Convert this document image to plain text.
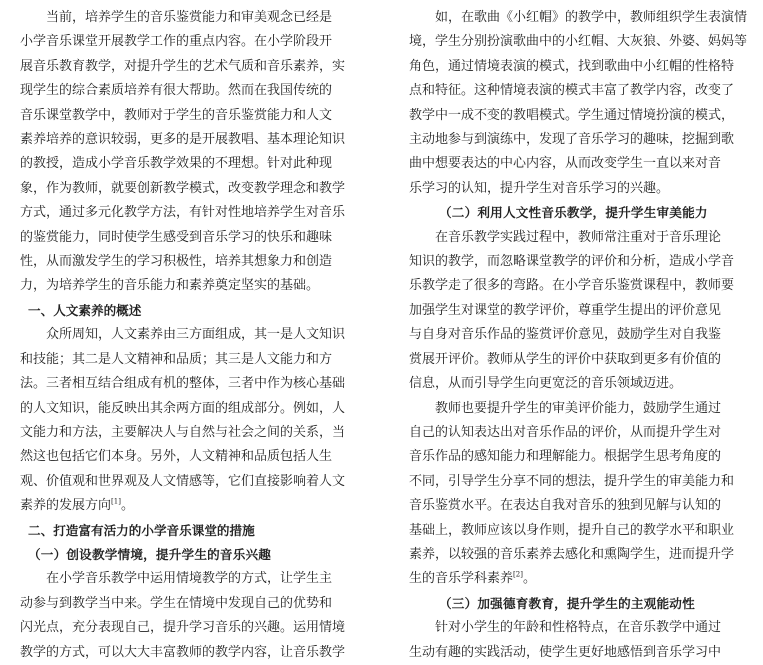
当前，培养学生的音乐鉴赏能力和审美观念已经是

小学音乐课堂开展教学工作的重点内容。在小学阶段开

展音乐教育教学，对提升学生的艺术气质和音乐素养，实

现学生的综合素质培养有很大帮助。然而在我国传统的

音乐课堂教学中，教师对于学生的音乐鉴赏能力和人文

素养培养的意识较弱，更多的是开展教唱、基本理论知识

的教授，造成小学音乐教学效果的不理想。针对此种现

象，作为教师，就要创新教学模式，改变教学理念和教学

方式，通过多元化教学方法，有针对性地培养学生对音乐

的鉴赏能力，同时使学生感受到音乐学习的快乐和趣味

性，从而激发学生的学习积极性，培养其想象力和创造

力，为培养学生的音乐能力和素养奠定坚实的基础。

一、人文素养的概述

众所周知，人文素养由三方面组成，其一是人文知识

和技能；其二是人文精神和品质；其三是人文能力和方

法。三者相互结合组成有机的整体，三者中作为核心基础

的人文知识，能反映出其余两方面的组成部分。例如，人

文能力和方法，主要解决人与自然与社会之间的关系，当

然这也包括它们本身。另外，人文精神和品质包括人生

观、价值观和世界观及人文情感等，它们直接影响着人文

素养的发展方向[1]。

二、打造富有活力的小学音乐课堂的措施
（一）创设教学情境，提升学生的音乐兴趣

在小学音乐教学中运用情境教学的方式，让学生主

动参与到教学当中来。学生在情境中发现自己的优势和

闪光点，充分表现自己，提升学习音乐的兴趣。运用情境

教学的方式，可以大大丰富教师的教学内容，让音乐教学

如，在歌曲《小红帽》的教学中，教师组织学生表演情

境，学生分别扮演歌曲中的小红帽、大灰狼、外婆、妈妈等

角色，通过情境表演的模式，找到歌曲中小红帽的性格特

点和特征。这种情境表演的模式丰富了教学内容，改变了

教学中一成不变的教唱模式。学生通过情境扮演的模式，

主动地参与到演练中，发现了音乐学习的趣味，挖掘到歌

曲中想要表达的中心内容，从而改变学生一直以来对音

乐学习的认知，提升学生对音乐学习的兴趣。

（二）利用人文性音乐教学，提升学生审美能力

在音乐教学实践过程中，教师常注重对于音乐理论

知识的教学，而忽略课堂教学的评价和分析，造成小学音

乐教学走了很多的弯路。在小学音乐鉴赏课程中，教师要

加强学生对课堂的教学评价，尊重学生提出的评价意见

与自身对音乐作品的鉴赏评价意见，鼓励学生对自我鉴

赏展开评价。教师从学生的评价中获取到更多有价值的

信息，从而引导学生向更宽泛的音乐领域迈进。

教师也要提升学生的审美评价能力，鼓励学生通过

自己的认知表达出对音乐作品的评价，从而提升学生对

音乐作品的感知能力和理解能力。根据学生思考角度的

不同，引导学生分享不同的想法，提升学生的审美能力和

音乐鉴赏水平。在表达自我对音乐的独到见解与认知的

基础上，教师应该以身作则，提升自己的教学水平和职业

素养，以较强的音乐素养去感化和熏陶学生，进而提升学

生的音乐学科素养[2]。

（三）加强德育教育，提升学生的主观能动性

针对小学生的年龄和性格特点，在音乐教学中通过

生动有趣的实践活动，使学生更好地感悟到音乐学习中
